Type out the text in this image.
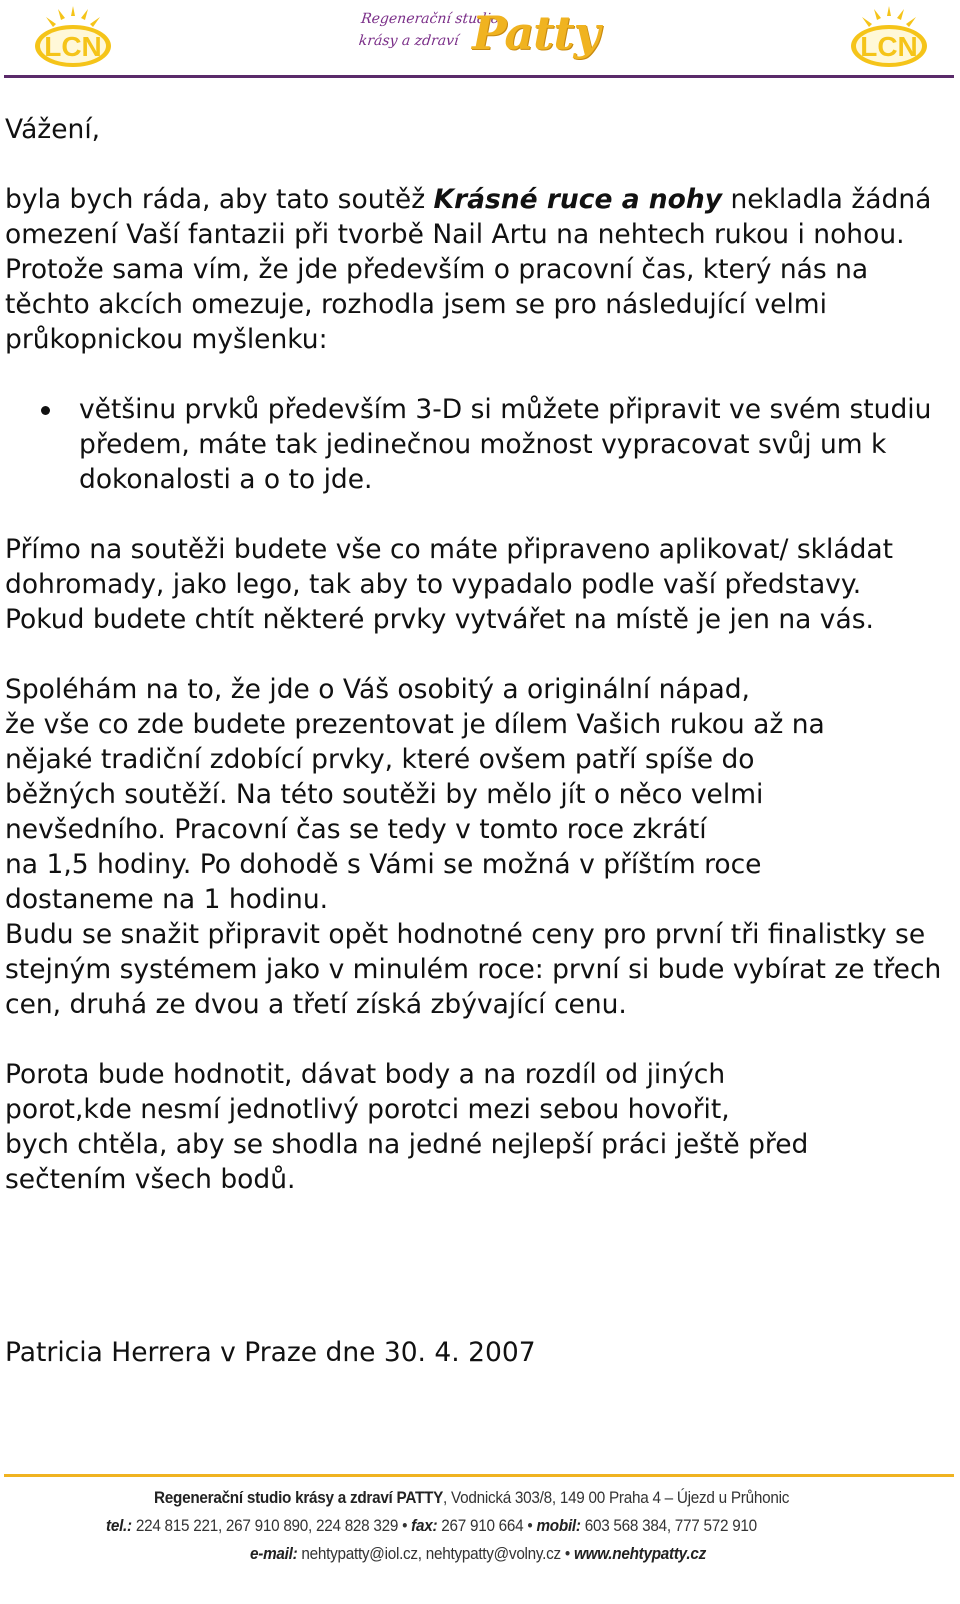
LCN
Regenerační studio
krásy a zdraví Patty	LCN

Vážení,

byla bych ráda, aby tato soutěž Krásné ruce a nohy nekladla žádná omezení Vaší fantazii při tvorbě Nail Artu na nehtech rukou i nohou. Protože sama vím, že jde především o pracovní čas, který nás na těchto akcích omezuje, rozhodla jsem se pro následující velmi průkopnickou myšlenku:

většinu prvků především 3-D si můžete připravit ve svém studiu předem, máte tak jedinečnou možnost vypracovat svůj um k dokonalosti a o to jde.

Přímo na soutěži budete vše co máte připraveno aplikovat/ skládat dohromady, jako lego, tak aby to vypadalo podle vaší představy. Pokud budete chtít některé prvky vytvářet na místě je jen na vás.

Spoléhám na to, že jde o Váš osobitý a originální nápad,
že vše co zde budete prezentovat je dílem Vašich rukou až na
nějaké tradiční zdobící prvky, které ovšem patří spíše do
běžných soutěží. Na této soutěži by mělo jít o něco velmi
nevšedního. Pracovní čas se tedy v tomto roce zkrátí
na 1,5 hodiny. Po dohodě s Vámi se možná v příštím roce
dostaneme na 1 hodinu.

Budu se snažit připravit opět hodnotné ceny pro první tři finalistky se stejným systémem jako v minulém roce: první si bude vybírat ze třech cen, druhá ze dvou a třetí získá zbývající cenu.

Porota bude hodnotit, dávat body a na rozdíl od jiných
porot,kde nesmí jednotlivý porotci mezi sebou hovořit,
bych chtěla, aby se shodla na jedné nejlepší práci ještě před
sečtením všech bodů.

Patricia Herrera v Praze dne 30. 4. 2007
Regenerační studio krásy a zdraví PATTY, Vodnická 303/8, 149 00 Praha 4 – Újezd u Průhonic
tel.: 224 815 221, 267 910 890, 224 828 329 • fax: 267 910 664 • mobil: 603 568 384, 777 572 910
e-mail: nehtypatty@iol.cz, nehtypatty@volny.cz • www.nehtypatty.cz
